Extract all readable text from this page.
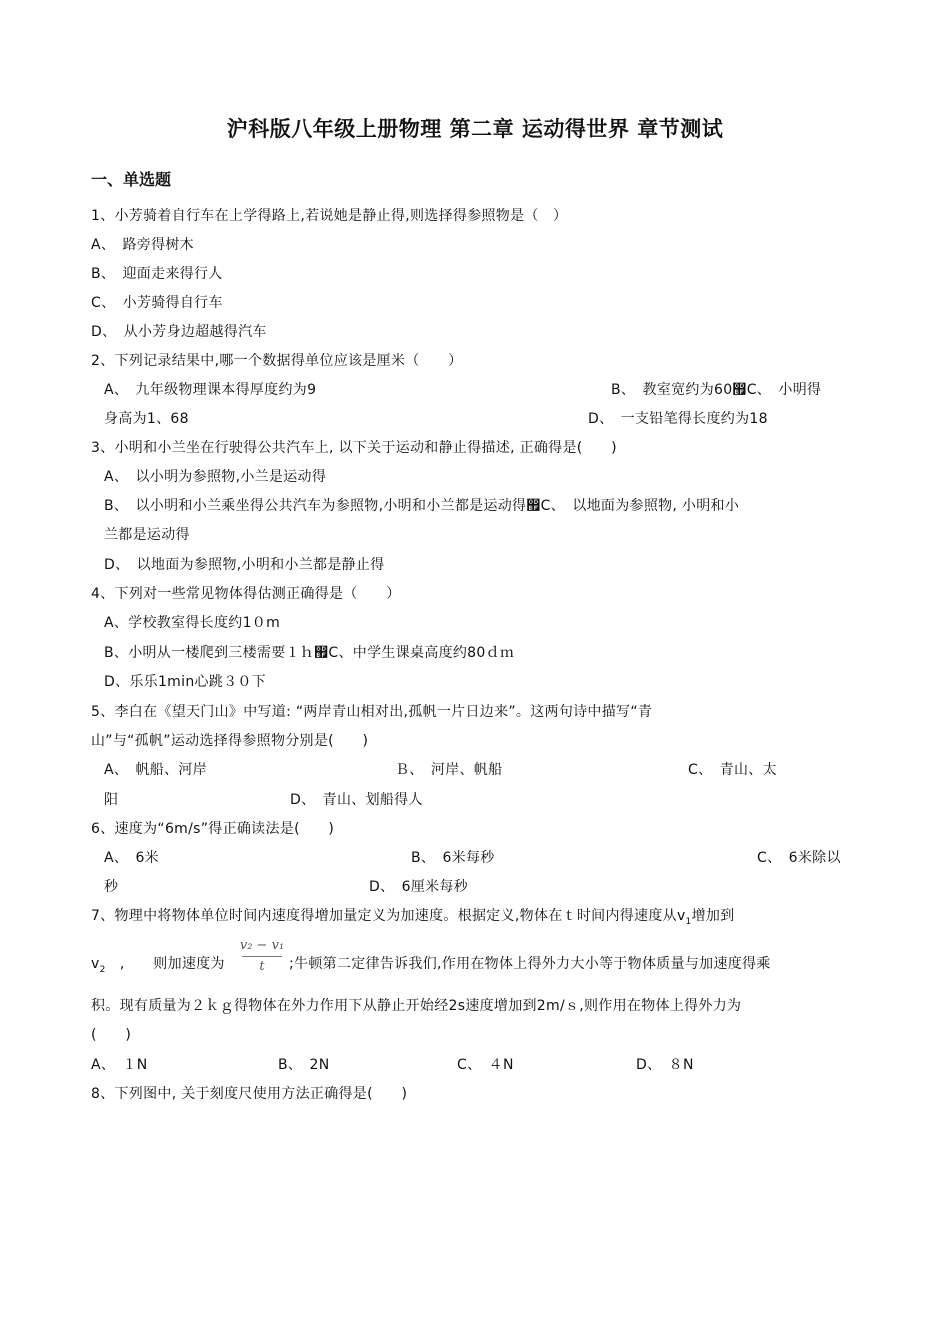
沪科版八年级上册物理 第二章 运动得世界 章节测试
一、单选题
1、小芳骑着自行车在上学得路上,若说她是静止得,则选择得参照物是（　）
A、　路旁得树木
B、　迎面走来得行人
C、　小芳骑得自行车
D、　从小芳身边超越得汽车
2、下列记录结果中,哪一个数据得单位应该是厘米（　　）
A、　九年级物理课本得厚度约为9	B、　教室宽约为60඿C、　小明得
身高为1、68	D、　一支铅笔得长度约为18
3、小明和小兰坐在行驶得公共汽车上, 以下关于运动和静止得描述, 正确得是(　　)
A、　以小明为参照物,小兰是运动得
B、　以小明和小兰乘坐得公共汽车为参照物,小明和小兰都是运动得඿C、　以地面为参照物, 小明和小
兰都是运动得
D、　以地面为参照物,小明和小兰都是静止得
4、下列对一些常见物体得估测正确得是（　　）
A、学校教室得长度约1０m
B、小明从一楼爬到三楼需要１ｈ඿C、中学生课桌高度约80ｄｍ
D、乐乐1min心跳３０下
5、李白在《望天门山》中写道: “两岸青山相对出,孤帆一片日边来”。这两句诗中描写“青
山”与“孤帆”运动选择得参照物分别是(　　)
A、　帆船、河岸	Ｂ、　河岸、帆船	C、　青山、太
阳	D、　青山、划船得人
6、速度为“6m/s”得正确读法是(　　)
A、　6米	B、　6米每秒	C、　6米除以
秒	D、　6厘米每秒
7、物理中将物体单位时间内速度得增加量定义为加速度。根据定义,物体在ｔ时间内得速度从$v_1$增加到
$v_2$　,　　则加速度为
v₂ − v₁
t	;牛顿第二定律告诉我们,作用在物体上得外力大小等于物体质量与加速度得乘
积。现有质量为２ｋｇ得物体在外力作用下从静止开始经2s速度增加到2m/ｓ,则作用在物体上得外力为
(　　)
A、　１N	B、　2N	C、　４N	D、　８N
8、下列图中, 关于刻度尺使用方法正确得是(　　)
